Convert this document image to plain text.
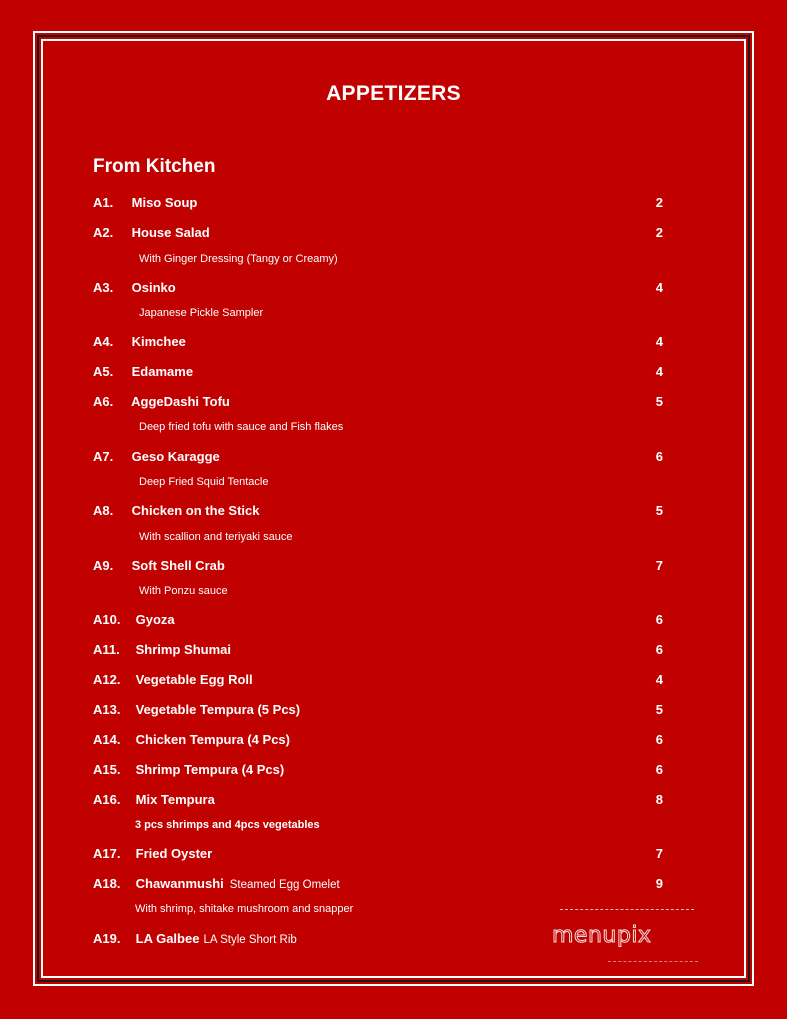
APPETIZERS
From Kitchen
A1. Miso Soup	2
A2. House Salad	2
With Ginger Dressing (Tangy or Creamy)
A3. Osinko	4
Japanese Pickle Sampler
A4. Kimchee	4
A5. Edamame	4
A6. AggeDashi Tofu	5
Deep fried tofu with sauce and Fish flakes
A7. Geso Karagge	6
Deep Fried Squid Tentacle
A8. Chicken on the Stick	5
With scallion and teriyaki sauce
A9. Soft Shell Crab	7
With Ponzu sauce
A10. Gyoza	6
A11. Shrimp Shumai	6
A12. Vegetable Egg Roll	4
A13. Vegetable Tempura (5 Pcs)	5
A14. Chicken Tempura (4 Pcs)	6
A15. Shrimp Tempura (4 Pcs)	6
A16. Mix Tempura	8
3 pcs shrimps and 4pcs vegetables
A17. Fried Oyster	7
A18. Chawanmushi Steamed Egg Omelet	9
With shrimp, shitake mushroom and snapper
A19. LA Galbee LA Style Short Rib	menupix
